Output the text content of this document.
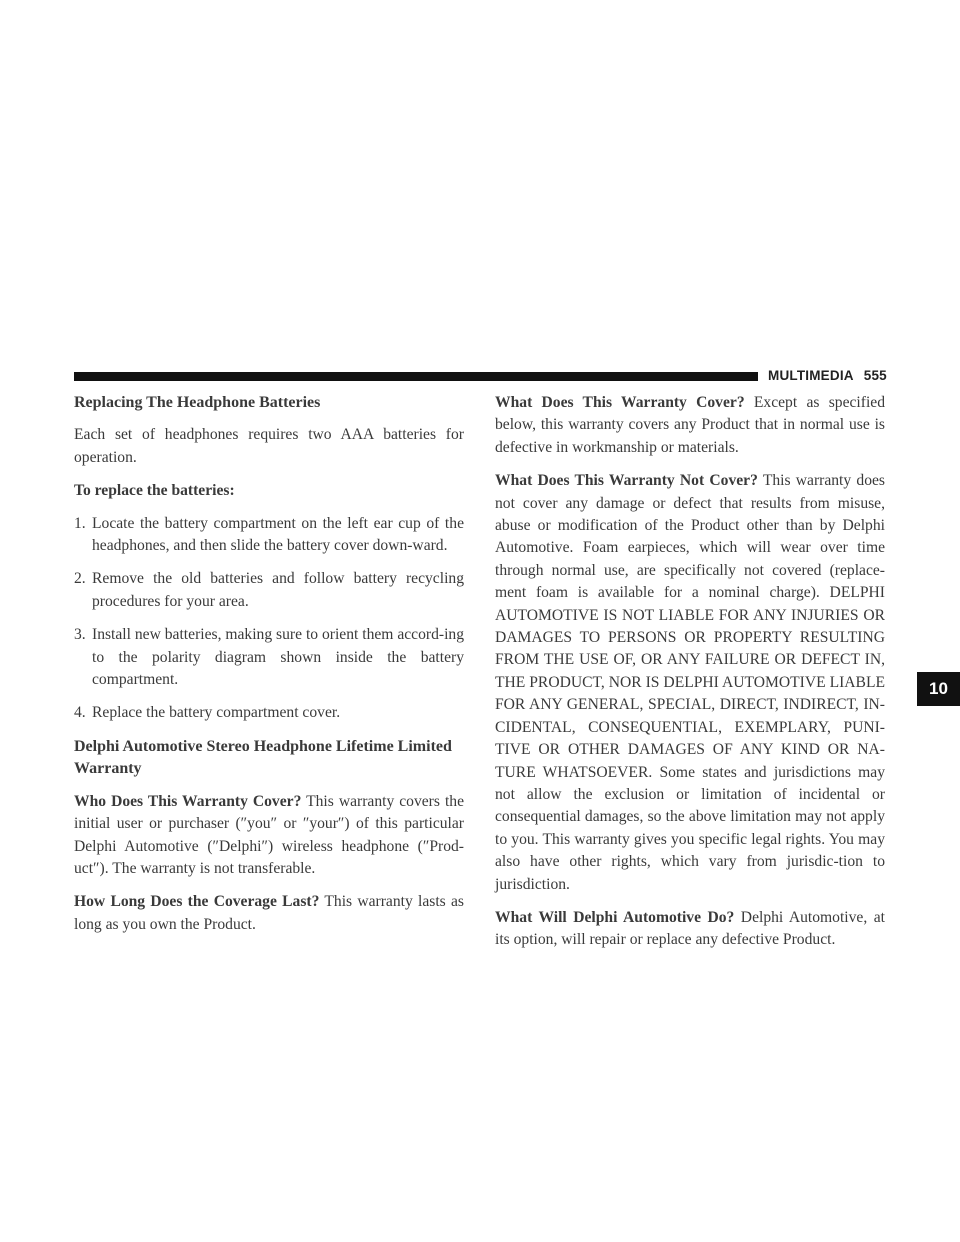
MULTIMEDIA 555
10
Replacing The Headphone Batteries

Each set of headphones requires two AAA batteries for operation.

To replace the batteries:
1. Locate the battery compartment on the left ear cup of the headphones, and then slide the battery cover down-ward.
2. Remove the old batteries and follow battery recycling procedures for your area.
3. Install new batteries, making sure to orient them accord-ing to the polarity diagram shown inside the battery compartment.
4. Replace the battery compartment cover.
Delphi Automotive Stereo Headphone Lifetime Limited Warranty

Who Does This Warranty Cover? This warranty covers the initial user or purchaser (″you″ or ″your″) of this particular Delphi Automotive (″Delphi″) wireless headphone (″Prod-uct″). The warranty is not transferable.

How Long Does the Coverage Last? This warranty lasts as long as you own the Product.

What Does This Warranty Cover? Except as specified below, this warranty covers any Product that in normal use is defective in workmanship or materials.

What Does This Warranty Not Cover? This warranty does not cover any damage or defect that results from misuse, abuse or modification of the Product other than by Delphi Automotive. Foam earpieces, which will wear over time through normal use, are specifically not covered (replace-ment foam is available for a nominal charge). DELPHI AUTOMOTIVE IS NOT LIABLE FOR ANY INJURIES OR DAMAGES TO PERSONS OR PROPERTY RESULTING FROM THE USE OF, OR ANY FAILURE OR DEFECT IN, THE PRODUCT, NOR IS DELPHI AUTOMOTIVE LIABLE FOR ANY GENERAL, SPECIAL, DIRECT, INDIRECT, IN-CIDENTAL, CONSEQUENTIAL, EXEMPLARY, PUNI-TIVE OR OTHER DAMAGES OF ANY KIND OR NA-TURE WHATSOEVER. Some states and jurisdictions may not allow the exclusion or limitation of incidental or consequential damages, so the above limitation may not apply to you. This warranty gives you specific legal rights. You may also have other rights, which vary from jurisdic-tion to jurisdiction.

What Will Delphi Automotive Do? Delphi Automotive, at its option, will repair or replace any defective Product.
